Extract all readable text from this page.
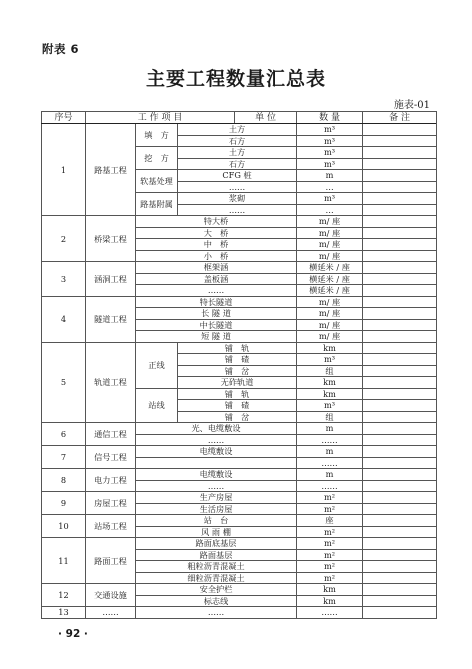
附表 6
主要工程数量汇总表
施表-01
序号	工 作 项 目			单 位	数 量	备 注	
1	路基工程	填　方	土方		m³		
			石方		m³		
		挖　方	土方		m³		
			石方		m³		
		软基处理	CFG 桩		m		
			……		…		
		路基附属	浆砌		m³		
			……		…		
2	桥梁工程	特大桥			m/ 座		
		大　桥			m/ 座		
		中　桥			m/ 座		
		小　桥			m/ 座		
3	涵洞工程	框架涵			横延米 / 座		
		盖板涵			横延米 / 座		
		……			横延米 / 座		
4	隧道工程	特长隧道			m/ 座		
		长 隧 道			m/ 座		
		中长隧道			m/ 座		
		短 隧 道			m/ 座		
5	轨道工程	正线	铺　轨		km		
			铺　碴		m³		
			铺　岔		组		
			无砟轨道		km		
		站线	铺　轨		km		
			铺　碴		m³		
			铺　岔		组		
6	通信工程	光、电缆敷设			m		
		……			……		
7	信号工程	电缆敷设			m		
					……		
8	电力工程	电缆敷设			m		
		……			……		
9	房屋工程	生产房屋			m²		
		生活房屋			m²		
10	站场工程	站　台			座		
		风 雨 棚			m²		
11	路面工程	路面底基层			m²		
		路面基层			m²		
		粗粒沥青混凝土			m²		
		细粒沥青混凝土			m²		
12	交通设施	安全护栏			km		
		标志线			km		
13	……	……			……		
· 92 ·
